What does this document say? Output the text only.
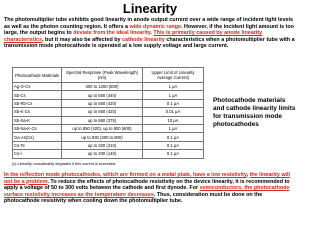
Linearity

The photomultiplier tube exhibits good linearity in anode output current over a wide range of incident light levels as well as the photon counting region. It offers a wide dynamic range. However, if the incident light amount is too large, the output begins to deviate from the ideal linearity. This is primarily caused by anode linearity characteristics, but it may also be affected by cathode linearity characteristics when a photomultiplier tube with a transmission mode photocathode is operated at a low supply voltage and large current.

Photocathode Materials	Spectral Response (Peak Wavelength) (nm)	Upper Limit of Linearity Average Current)
Ag-O-Cs	300 to 1200 (800)	1 μA
Sb-Cs	up to 650 (440)	1 μA
Sb-Rb-Cs	up to 650 (420)	0.1 μA
Sb-K-Cs	up to 650 (420)	0.01 μA
Sb-Na-K	up to 650 (375)	10 μA
Sb-Na-K-Cs	up to 850 (420), up to 900 (600)	1 μA
Ga-As(Cs)	up to 930 (300 to 800)	0.1 μA
Cs-Te	up to 320 (210)	0.1 μA
Cs-I	up to 200 (140)	0.1 μA
(c) Linearity considerably degrades if this current is exceeded.

Photocathode materials and cathode linearity limits for transmission mode photocathodes

In the reflection mode photocathodes, which are formed on a metal plate, have a low resistivity, the linearity will not be a problem. To reduce the effects of photocathode resistivity on the device linearity, it is recommended to apply a voltage of 50 to 300 volts between the cathode and first dynode. For semiconductors, the photocathode surface resistivity increases as the temperature decreases. Thus, consideration must be done on the photocathode resistivity when cooling down the photomultiplier tube.
